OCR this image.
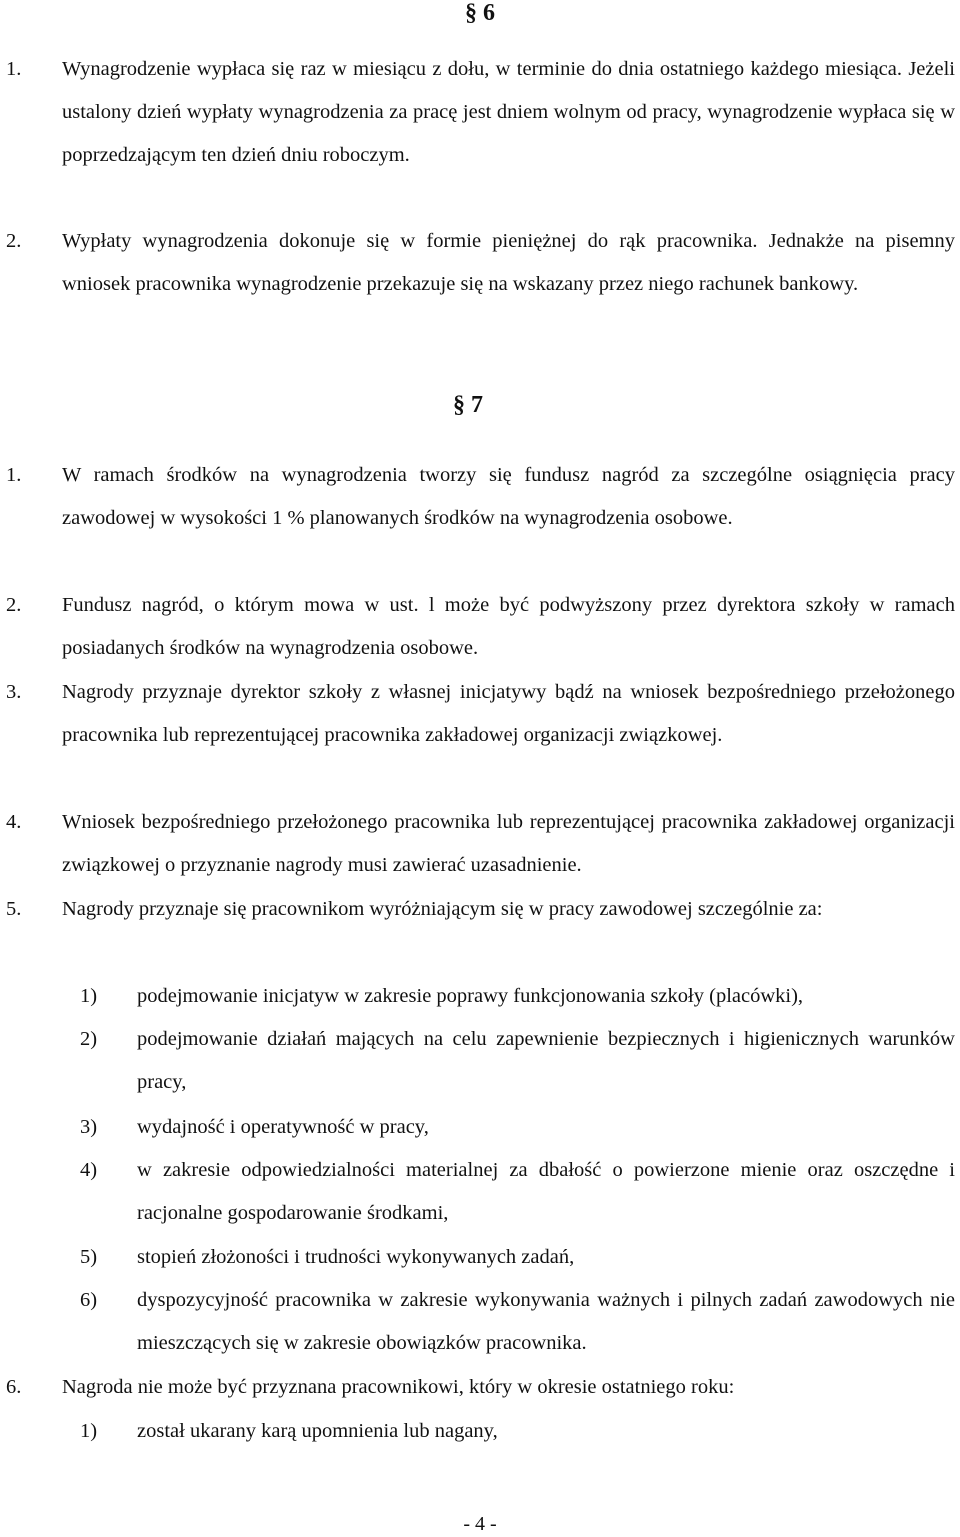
§ 6
1. Wynagrodzenie wypłaca się raz w miesiącu z dołu, w terminie do dnia ostatniego każdego miesiąca. Jeżeli ustalony dzień wypłaty wynagrodzenia za pracę jest dniem wolnym od pracy, wynagrodzenie wypłaca się w poprzedzającym ten dzień dniu roboczym.
2. Wypłaty wynagrodzenia dokonuje się w formie pieniężnej do rąk pracownika. Jednakże na pisemny wniosek pracownika wynagrodzenie przekazuje się na wskazany przez niego rachunek bankowy.
§ 7
1. W ramach środków na wynagrodzenia tworzy się fundusz nagród za szczególne osiągnięcia pracy zawodowej w wysokości 1 % planowanych środków na wynagrodzenia osobowe.
2. Fundusz nagród, o którym mowa w ust. l może być podwyższony przez dyrektora szkoły w ramach posiadanych środków na wynagrodzenia osobowe.
3. Nagrody przyznaje dyrektor szkoły z własnej inicjatywy bądź na wniosek bezpośredniego przełożonego pracownika lub reprezentującej pracownika zakładowej organizacji związkowej.
4. Wniosek bezpośredniego przełożonego pracownika lub reprezentującej pracownika zakładowej organizacji związkowej o przyznanie nagrody musi zawierać uzasadnienie.
5. Nagrody przyznaje się pracownikom wyróżniającym się w pracy zawodowej szczególnie za:
1) podejmowanie inicjatyw w zakresie poprawy funkcjonowania szkoły (placówki),
2) podejmowanie działań mających na celu zapewnienie bezpiecznych i higienicznych warunków pracy,
3) wydajność i operatywność w pracy,
4) w zakresie odpowiedzialności materialnej za dbałość o powierzone mienie oraz oszczędne i racjonalne gospodarowanie środkami,
5) stopień złożoności i trudności wykonywanych zadań,
6) dyspozycyjność pracownika w zakresie wykonywania ważnych i pilnych zadań zawodowych nie mieszczących się w zakresie obowiązków pracownika.
6. Nagroda nie może być przyznana pracownikowi, który w okresie ostatniego roku:
1) został ukarany karą upomnienia lub nagany,
- 4 -
